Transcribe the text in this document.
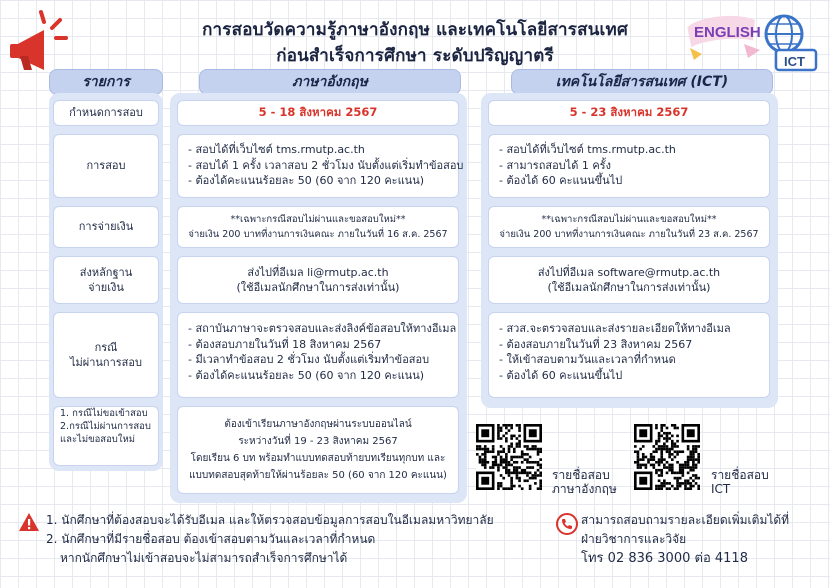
การสอบวัดความรู้ภาษาอังกฤษ และเทคโนโลยีสารสนเทศ
ก่อนสำเร็จการศึกษา ระดับปริญญาตรี
ENGLISH
ICT
รายการ	ภาษาอังกฤษ	เทคโนโลยีสารสนเทศ (ICT)
กำหนดการสอบ
การสอบ
การจ่ายเงิน
ส่งหลักฐาน
จ่ายเงิน
กรณี
ไม่ผ่านการสอบ
1. กรณีไม่ขอเข้าสอบ
2.กรณีไม่ผ่านการสอบ
และไม่ขอสอบใหม่
5 - 18 สิงหาคม 2567
- สอบได้ที่เว็บไซต์ tms.rmutp.ac.th
- สอบได้ 1 ครั้ง เวลาสอบ 2 ชั่วโมง นับตั้งแต่เริ่มทำข้อสอบ
- ต้องได้คะแนนร้อยละ 50 (60 จาก 120 คะแนน)
**เฉพาะกรณีสอบไม่ผ่านและขอสอบใหม่**
จ่ายเงิน 200 บาทที่งานการเงินคณะ ภายในวันที่ 16 ส.ค. 2567
ส่งไปที่อีเมล li@rmutp.ac.th
(ใช้อีเมลนักศึกษาในการส่งเท่านั้น)
- สถาบันภาษาจะตรวจสอบและส่งลิงค์ข้อสอบให้ทางอีเมล
- ต้องสอบภายในวันที่ 18 สิงหาคม 2567
- มีเวลาทำข้อสอบ 2 ชั่วโมง นับตั้งแต่เริ่มทำข้อสอบ
- ต้องได้คะแนนร้อยละ 50 (60 จาก 120 คะแนน)
ต้องเข้าเรียนภาษาอังกฤษผ่านระบบออนไลน์
ระหว่างวันที่ 19 - 23 สิงหาคม 2567
โดยเรียน 6 บท พร้อมทำแบบทดสอบท้ายบทเรียนทุกบท และ
แบบทดสอบสุดท้ายให้ผ่านร้อยละ 50 (60 จาก 120 คะแนน)
5 - 23 สิงหาคม 2567
- สอบได้ที่เว็บไซต์ tms.rmutp.ac.th
- สามารถสอบได้ 1 ครั้ง
- ต้องได้ 60 คะแนนขึ้นไป
**เฉพาะกรณีสอบไม่ผ่านและขอสอบใหม่**
จ่ายเงิน 200 บาทที่งานการเงินคณะ ภายในวันที่ 23 ส.ค. 2567
ส่งไปที่อีเมล software@rmutp.ac.th
(ใช้อีเมลนักศึกษาในการส่งเท่านั้น)
- สวส.จะตรวจสอบและส่งรายละเอียดให้ทางอีเมล
- ต้องสอบภายในวันที่ 23 สิงหาคม 2567
- ให้เข้าสอบตามวันและเวลาที่กำหนด
- ต้องได้ 60 คะแนนขึ้นไป
รายชื่อสอบ
ภาษาอังกฤษ
รายชื่อสอบ
ICT
1. นักศึกษาที่ต้องสอบจะได้รับอีเมล และให้ตรวจสอบข้อมูลการสอบในอีเมลมหาวิทยาลัย
2. นักศึกษาที่มีรายชื่อสอบ ต้องเข้าสอบตามวันและเวลาที่กำหนด
หากนักศึกษาไม่เข้าสอบจะไม่สามารถสำเร็จการศึกษาได้
สามารถสอบถามรายละเอียดเพิ่มเติมได้ที่
ฝ่ายวิชาการและวิจัย
โทร 02 836 3000 ต่อ 4118
